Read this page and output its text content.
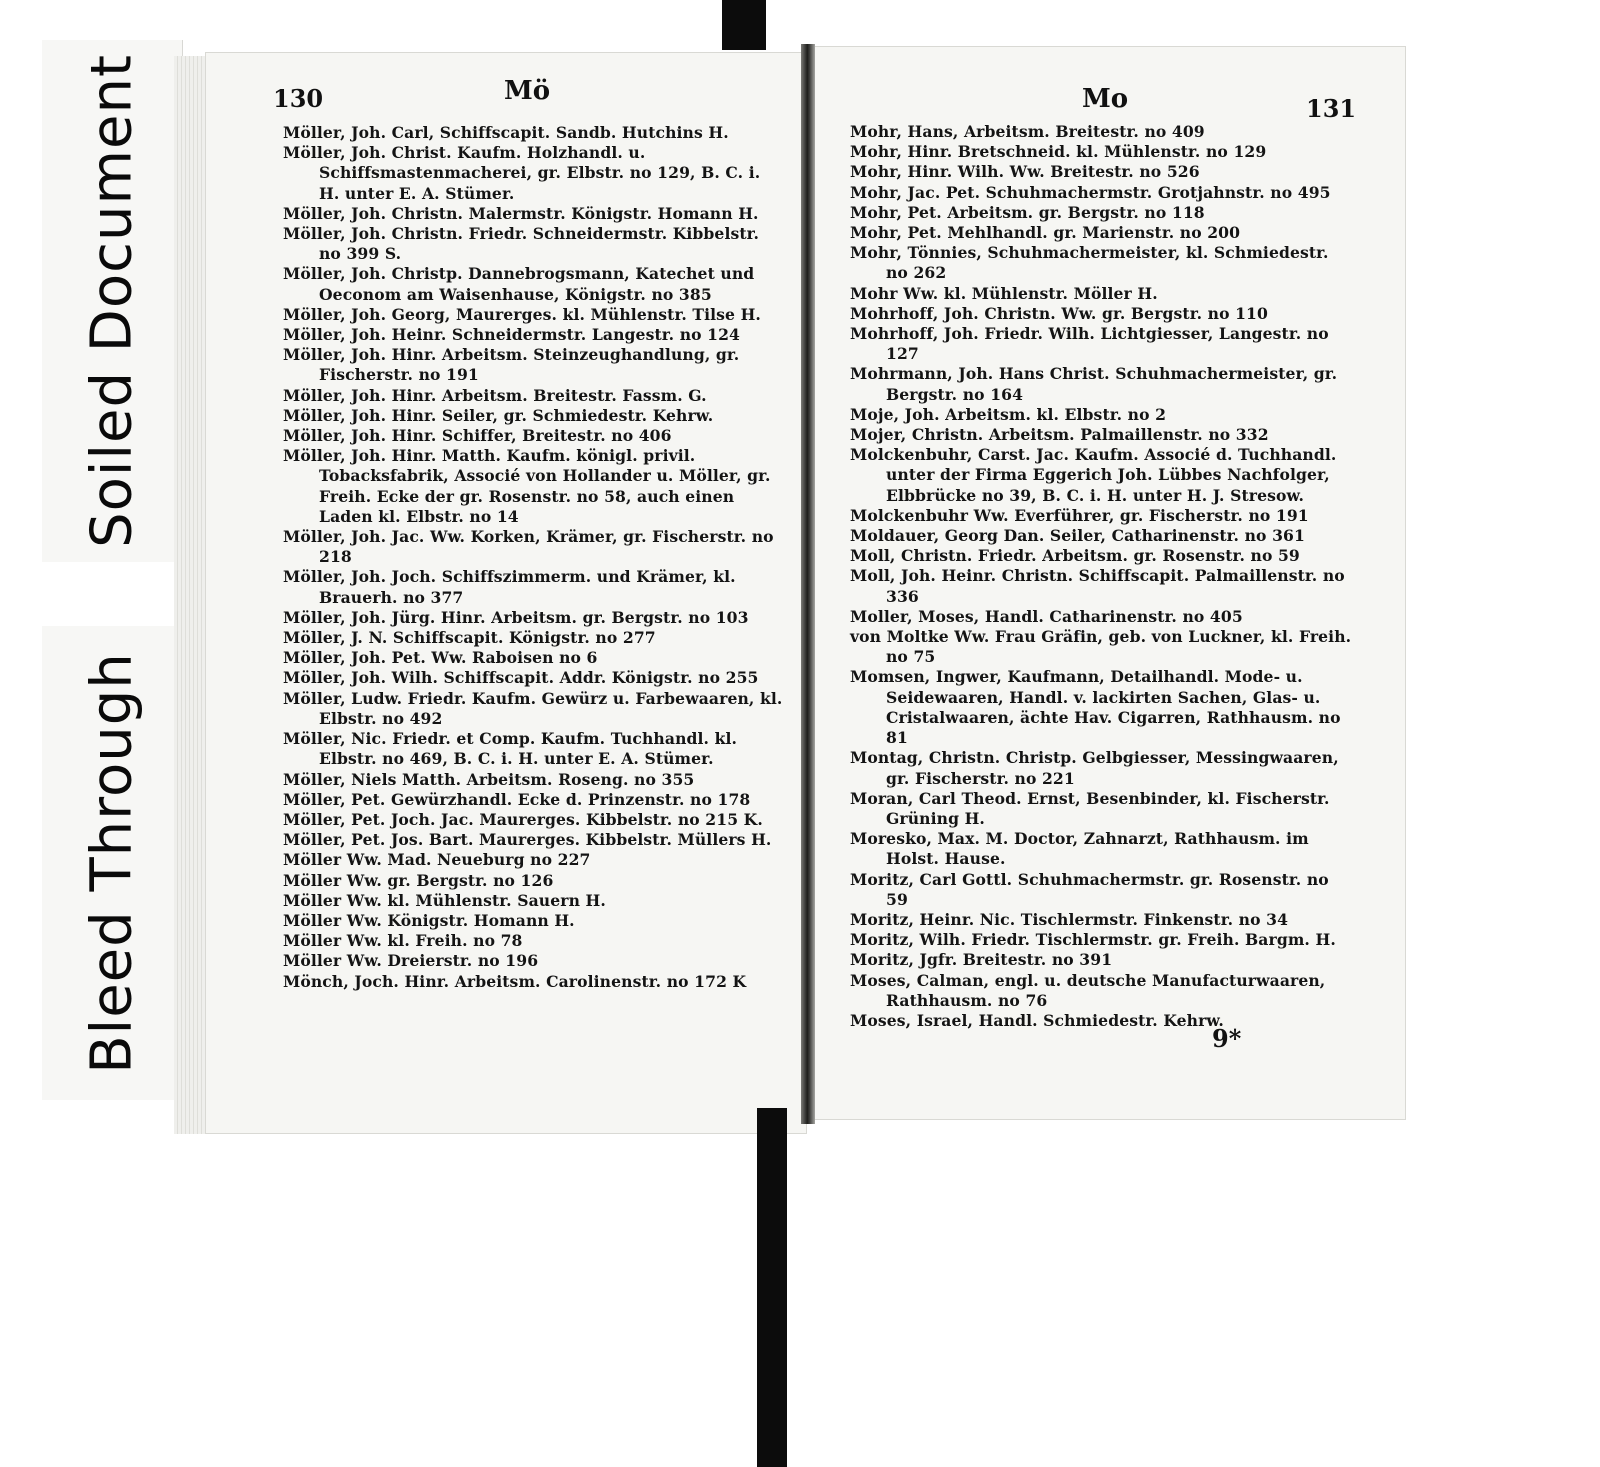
Soiled Document
Bleed Through
130	Mö	Mo	131
Möller, Joh. Carl, Schiffscapit. Sandb. Hutchins H.
Möller, Joh. Christ. Kaufm. Holzhandl. u. Schiffsmastenmacherei, gr. Elbstr. no 129, B. C. i. H. unter E. A. Stümer.
Möller, Joh. Christn. Malermstr. Königstr. Homann H.
Möller, Joh. Christn. Friedr. Schneidermstr. Kibbelstr. no 399 S.
Möller, Joh. Christp. Dannebrogsmann, Katechet und Oeconom am Waisenhause, Königstr. no 385
Möller, Joh. Georg, Maurerges. kl. Mühlenstr. Tilse H.
Möller, Joh. Heinr. Schneidermstr. Langestr. no 124
Möller, Joh. Hinr. Arbeitsm. Steinzeughandlung, gr. Fischerstr. no 191
Möller, Joh. Hinr. Arbeitsm. Breitestr. Fassm. G.
Möller, Joh. Hinr. Seiler, gr. Schmiedestr. Kehrw.
Möller, Joh. Hinr. Schiffer, Breitestr. no 406
Möller, Joh. Hinr. Matth. Kaufm. königl. privil. Tobacksfabrik, Associé von Hollander u. Möller, gr. Freih. Ecke der gr. Rosenstr. no 58, auch einen Laden kl. Elbstr. no 14
Möller, Joh. Jac. Ww. Korken, Krämer, gr. Fischerstr. no 218
Möller, Joh. Joch. Schiffszimmerm. und Krämer, kl. Brauerh. no 377
Möller, Joh. Jürg. Hinr. Arbeitsm. gr. Bergstr. no 103
Möller, J. N. Schiffscapit. Königstr. no 277
Möller, Joh. Pet. Ww. Raboisen no 6
Möller, Joh. Wilh. Schiffscapit. Addr. Königstr. no 255
Möller, Ludw. Friedr. Kaufm. Gewürz u. Farbewaaren, kl. Elbstr. no 492
Möller, Nic. Friedr. et Comp. Kaufm. Tuchhandl. kl. Elbstr. no 469, B. C. i. H. unter E. A. Stümer.
Möller, Niels Matth. Arbeitsm. Roseng. no 355
Möller, Pet. Gewürzhandl. Ecke d. Prinzenstr. no 178
Möller, Pet. Joch. Jac. Maurerges. Kibbelstr. no 215 K.
Möller, Pet. Jos. Bart. Maurerges. Kibbelstr. Müllers H.
Möller Ww. Mad. Neueburg no 227
Möller Ww. gr. Bergstr. no 126
Möller Ww. kl. Mühlenstr. Sauern H.
Möller Ww. Königstr. Homann H.
Möller Ww. kl. Freih. no 78
Möller Ww. Dreierstr. no 196
Mönch, Joch. Hinr. Arbeitsm. Carolinenstr. no 172 K
Mohr, Hans, Arbeitsm. Breitestr. no 409
Mohr, Hinr. Bretschneid. kl. Mühlenstr. no 129
Mohr, Hinr. Wilh. Ww. Breitestr. no 526
Mohr, Jac. Pet. Schuhmachermstr. Grotjahnstr. no 495
Mohr, Pet. Arbeitsm. gr. Bergstr. no 118
Mohr, Pet. Mehlhandl. gr. Marienstr. no 200
Mohr, Tönnies, Schuhmachermeister, kl. Schmiedestr. no 262
Mohr Ww. kl. Mühlenstr. Möller H.
Mohrhoff, Joh. Christn. Ww. gr. Bergstr. no 110
Mohrhoff, Joh. Friedr. Wilh. Lichtgiesser, Langestr. no 127
Mohrmann, Joh. Hans Christ. Schuhmachermeister, gr. Bergstr. no 164
Moje, Joh. Arbeitsm. kl. Elbstr. no 2
Mojer, Christn. Arbeitsm. Palmaillenstr. no 332
Molckenbuhr, Carst. Jac. Kaufm. Associé d. Tuchhandl. unter der Firma Eggerich Joh. Lübbes Nachfolger, Elbbrücke no 39, B. C. i. H. unter H. J. Stresow.
Molckenbuhr Ww. Everführer, gr. Fischerstr. no 191
Moldauer, Georg Dan. Seiler, Catharinenstr. no 361
Moll, Christn. Friedr. Arbeitsm. gr. Rosenstr. no 59
Moll, Joh. Heinr. Christn. Schiffscapit. Palmaillenstr. no 336
Moller, Moses, Handl. Catharinenstr. no 405
von Moltke Ww. Frau Gräfin, geb. von Luckner, kl. Freih. no 75
Momsen, Ingwer, Kaufmann, Detailhandl. Mode- u. Seidewaaren, Handl. v. lackirten Sachen, Glas- u. Cristalwaaren, ächte Hav. Cigarren, Rathhausm. no 81
Montag, Christn. Christp. Gelbgiesser, Messingwaaren, gr. Fischerstr. no 221
Moran, Carl Theod. Ernst, Besenbinder, kl. Fischerstr. Grüning H.
Moresko, Max. M. Doctor, Zahnarzt, Rathhausm. im Holst. Hause.
Moritz, Carl Gottl. Schuhmachermstr. gr. Rosenstr. no 59
Moritz, Heinr. Nic. Tischlermstr. Finkenstr. no 34
Moritz, Wilh. Friedr. Tischlermstr. gr. Freih. Bargm. H.
Moritz, Jgfr. Breitestr. no 391
Moses, Calman, engl. u. deutsche Manufacturwaaren, Rathhausm. no 76
Moses, Israel, Handl. Schmiedestr. Kehrw.
9*
